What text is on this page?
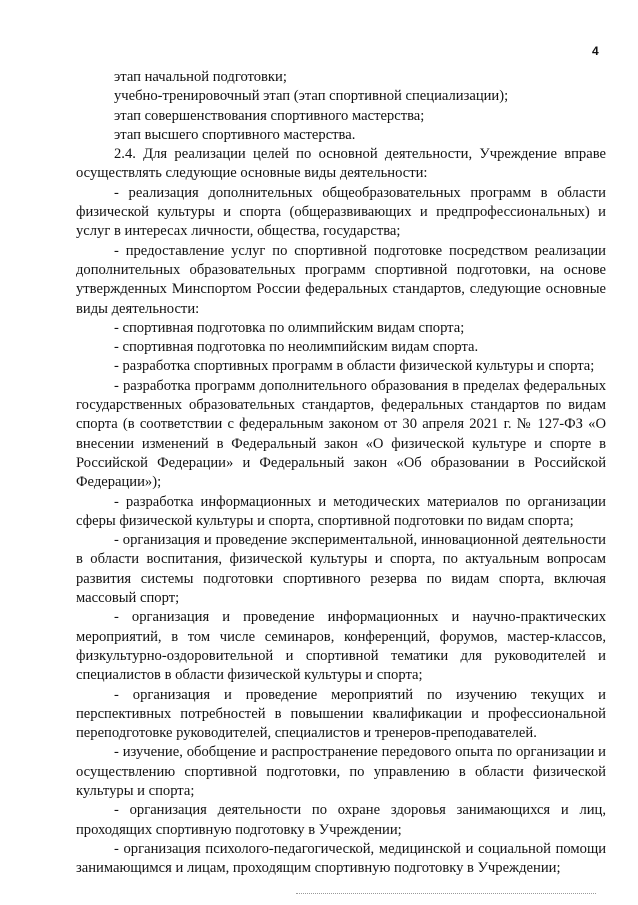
4

этап начальной подготовки;

учебно-тренировочный этап (этап спортивной специализации);

этап совершенствования спортивного мастерства;

этап высшего спортивного мастерства.

2.4. Для реализации целей по основной деятельности, Учреждение вправе осуществлять следующие основные виды деятельности:

- реализация дополнительных общеобразовательных программ в области физической культуры и спорта (общеразвивающих и предпрофессиональных) и услуг в интересах личности, общества, государства;

- предоставление услуг по спортивной подготовке посредством реализации дополнительных образовательных программ спортивной подготовки, на основе утвержденных Минспортом России федеральных стандартов, следующие основные виды деятельности:

- спортивная подготовка по олимпийским видам спорта;

- спортивная подготовка по неолимпийским видам спорта.

- разработка спортивных программ в области физической культуры и спорта;

- разработка программ дополнительного образования в пределах федеральных государственных образовательных стандартов, федеральных стандартов по видам спорта (в соответствии с федеральным законом от 30 апреля 2021 г. № 127-ФЗ «О внесении изменений в Федеральный закон «О физической культуре и спорте в Российской Федерации» и Федеральный закон «Об образовании в Российской Федерации»);

- разработка информационных и методических материалов по организации сферы физической культуры и спорта, спортивной подготовки по видам спорта;

- организация и проведение экспериментальной, инновационной деятельности в области воспитания, физической культуры и спорта, по актуальным вопросам развития системы подготовки спортивного резерва по видам спорта, включая массовый спорт;

- организация и проведение информационных и научно-практических мероприятий, в том числе семинаров, конференций, форумов, мастер-классов, физкультурно-оздоровительной и спортивной тематики для руководителей и специалистов в области физической культуры и спорта;

- организация и проведение мероприятий по изучению текущих и перспективных потребностей в повышении квалификации и профессиональной переподготовке руководителей, специалистов и тренеров-преподавателей.

- изучение, обобщение и распространение передового опыта по организации и осуществлению спортивной подготовки, по управлению в области физической культуры и спорта;

- организация деятельности по охране здоровья занимающихся и лиц, проходящих спортивную подготовку в Учреждении;

- организация психолого-педагогической, медицинской и социальной помощи занимающимся и лицам, проходящим спортивную подготовку в Учреждении;
